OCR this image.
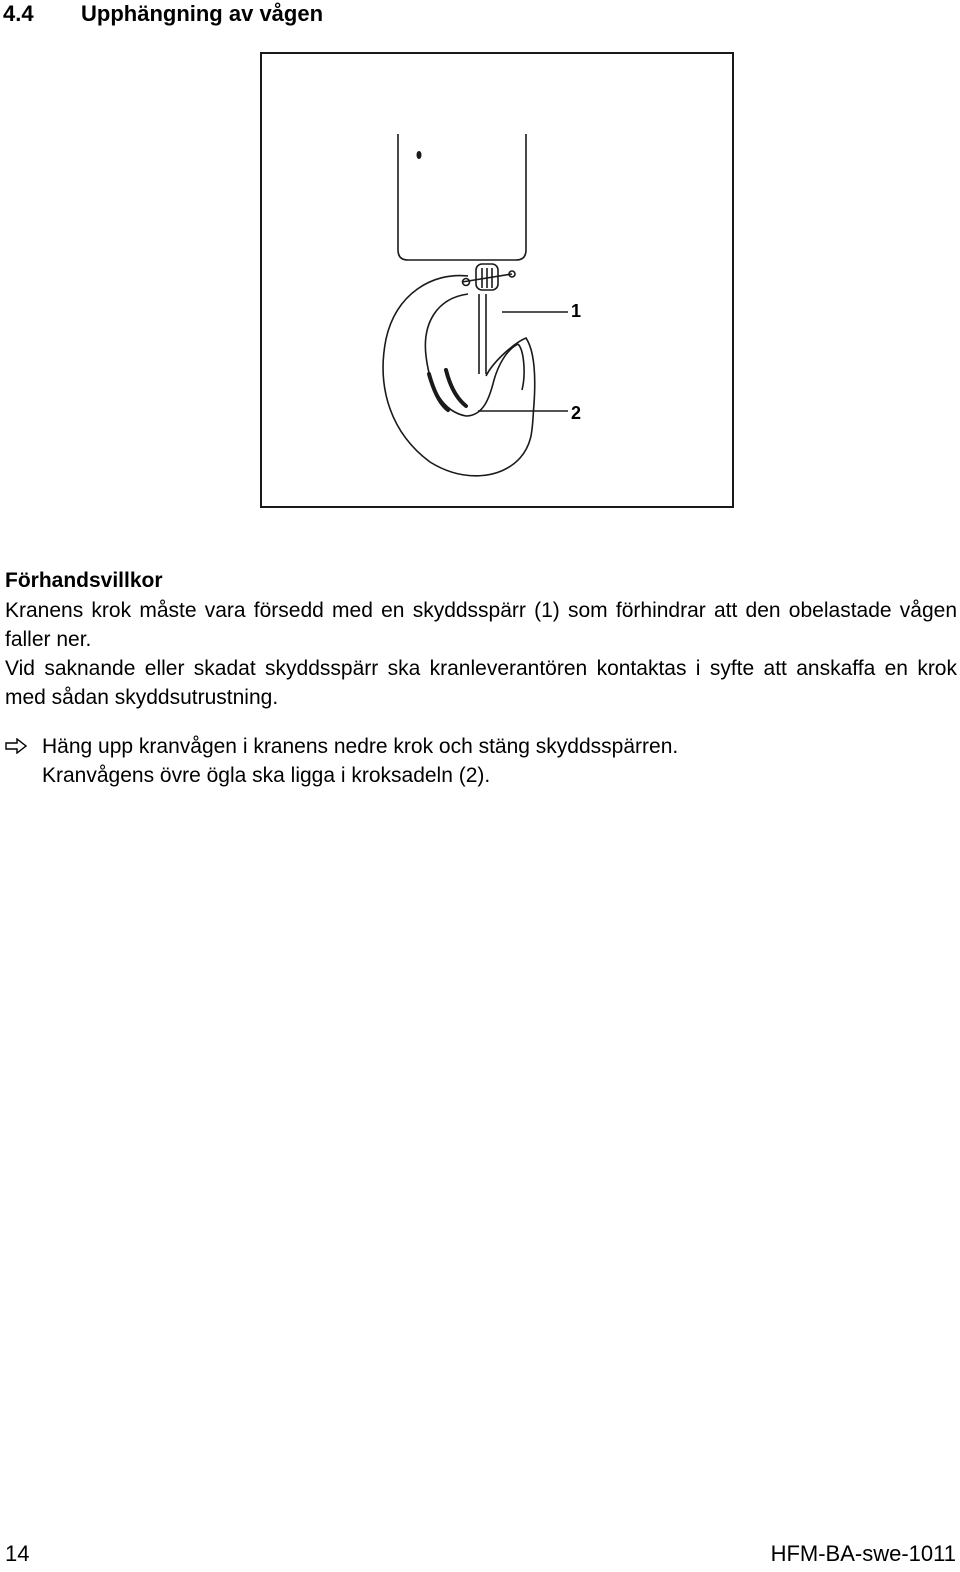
4.4 Upphängning av vågen
1
2
Förhandsvillkor
Kranens krok måste vara försedd med en skyddsspärr (1) som förhindrar att den obelastade vågen faller ner.
Vid saknande eller skadat skyddsspärr ska kranleverantören kontaktas i syfte att anskaffa en krok med sådan skyddsutrustning.
Häng upp kranvågen i kranens nedre krok och stäng skyddsspärren.
Kranvågens övre ögla ska ligga i kroksadeln (2).
14	HFM-BA-swe-1011
